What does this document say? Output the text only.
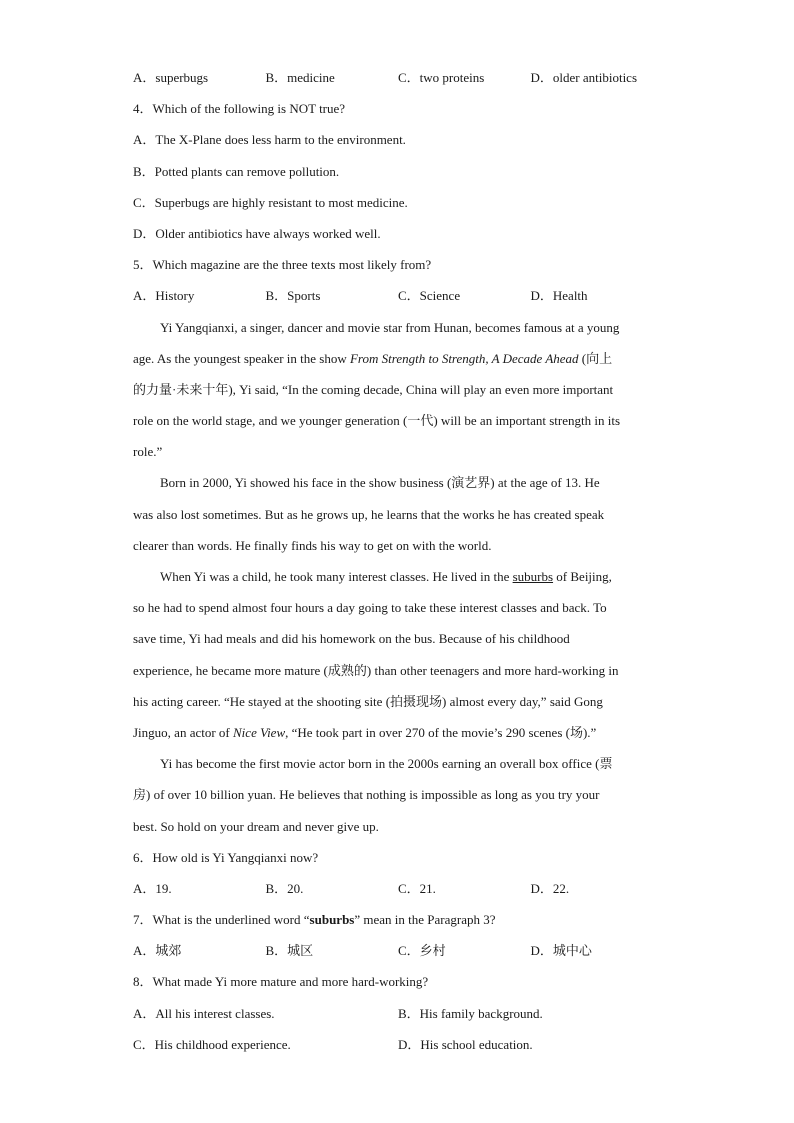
A．superbugs	B．medicine	C．two proteins	D．older antibiotics
4．Which of the following is NOT true?
A．The X-Plane does less harm to the environment.
B．Potted plants can remove pollution.
C．Superbugs are highly resistant to most medicine.
D．Older antibiotics have always worked well.
5．Which magazine are the three texts most likely from?
A．History	B．Sports	C．Science	D．Health
Yi Yangqianxi, a singer, dancer and movie star from Hunan, becomes famous at a young
age. As the youngest speaker in the show From Strength to Strength, A Decade Ahead (向上
的力量·未来十年), Yi said, “In the coming decade, China will play an even more important
role on the world stage, and we younger generation (一代) will be an important strength in its
role.”
Born in 2000, Yi showed his face in the show business (演艺界) at the age of 13. He
was also lost sometimes. But as he grows up, he learns that the works he has created speak
clearer than words. He finally finds his way to get on with the world.
When Yi was a child, he took many interest classes. He lived in the suburbs of Beijing,
so he had to spend almost four hours a day going to take these interest classes and back. To
save time, Yi had meals and did his homework on the bus. Because of his childhood
experience, he became more mature (成熟的) than other teenagers and more hard-working in
his acting career. “He stayed at the shooting site (拍摄现场) almost every day,” said Gong
Jinguo, an actor of Nice View, “He took part in over 270 of the movie’s 290 scenes (场).”
Yi has become the first movie actor born in the 2000s earning an overall box office (票
房) of over 10 billion yuan. He believes that nothing is impossible as long as you try your
best. So hold on your dream and never give up.
6．How old is Yi Yangqianxi now?
A．19.	B．20.	C．21.	D．22.
7．What is the underlined word “suburbs” mean in the Paragraph 3?
A．城郊	B．城区	C．乡村	D．城中心
8．What made Yi more mature and more hard-working?
A．All his interest classes.	B．His family background.
C．His childhood experience.	D．His school education.
